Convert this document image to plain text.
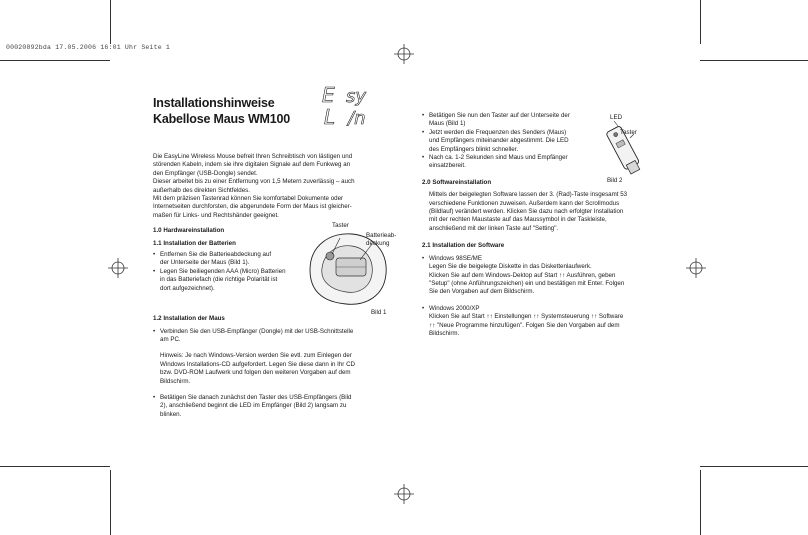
00020892bda 17.05.2006 16:01 Uhr Seite 1
Installationshinweise
Kabellose Maus WM100
E sy
L /n

Die EasyLine Wireless Mouse befreit Ihren Schreibtisch von lästigen und
störenden Kabeln, indem sie ihre digitalen Signale auf dem Funkweg an
den Empfänger (USB-Dongle) sendet.
Dieser arbeitet bis zu einer Entfernung von 1,5 Metern zuverlässig – auch
außerhalb des direkten Sichtfeldes.
Mit dem präzisen Tastenrad können Sie komfortabel Dokumente oder
Internetseiten durchforsten, die abgerundete Form der Maus ist gleicher-
maßen für Links- und Rechtshänder geeignet.

1.0 Hardwareinstallation

1.1 Installation der Batterien

• Entfernen Sie die Batterieabdeckung auf
der Unterseite der Maus (Bild 1).
• Legen Sie beiliegenden AAA (Micro) Batterien
in das Batteriefach (die richtige Polarität ist
dort aufgezeichnet).

1.2 Installation der Maus

• Verbinden Sie den USB-Empfänger (Dongle) mit der USB-Schnittstelle
am PC.

Hinweis: Je nach Windows-Version werden Sie evtl. zum Einlegen der
Windows Installations-CD aufgefordert. Legen Sie diese dann in Ihr CD
bzw. DVD-ROM Laufwerk und folgen den weiteren Vorgaben auf dem
Bildschirm.

• Betätigen Sie danach zunächst den Taster des USB-Empfängers (Bild
2), anschließend beginnt die LED im Empfänger (Bild 2) langsam zu
blinken.
Taster
Batterieab-
deckung
Bild 1
• Betätigen Sie nun den Taster auf der Unterseite der
Maus (Bild 1)
• Jetzt werden die Frequenzen des Senders (Maus)
und Empfängers miteinander abgestimmt. Die LED
des Empfängers blinkt schneller.
• Nach ca. 1-2 Sekunden sind Maus und Empfänger
einsatzbereit.

2.0 Softwareinstallation

Mittels der beigelegten Software lassen der 3. (Rad)-Taste insgesamt 53
verschiedene Funktionen zuweisen. Außerdem kann der Scrollmodus
(Bildlauf) verändert werden. Klicken Sie dazu nach erfolgter Installation
mit der rechten Maustaste auf das Maussymbol in der Taskleiste,
anschließend mit der linken Taste auf "Setting".

2.1 Installation der Software

• Windows 98SE/ME
Legen Sie die beigelegte Diskette in das Diskettenlaufwerk.
Klicken Sie auf dem Windows-Dektop auf Start ↑↑ Ausführen, geben
"Setup" (ohne Anführungszeichen) ein und bestätigen mit Enter. Folgen
Sie den Vorgaben auf dem Bildschirm.
• Windows 2000/XP
Klicken Sie auf Start ↑↑ Einstellungen ↑↑ Systemsteuerung ↑↑ Software
↑↑ "Neue Programme hinzufügen". Folgen Sie den Vorgaben auf dem
Bildschirm.
LED
Taster
Bild 2
